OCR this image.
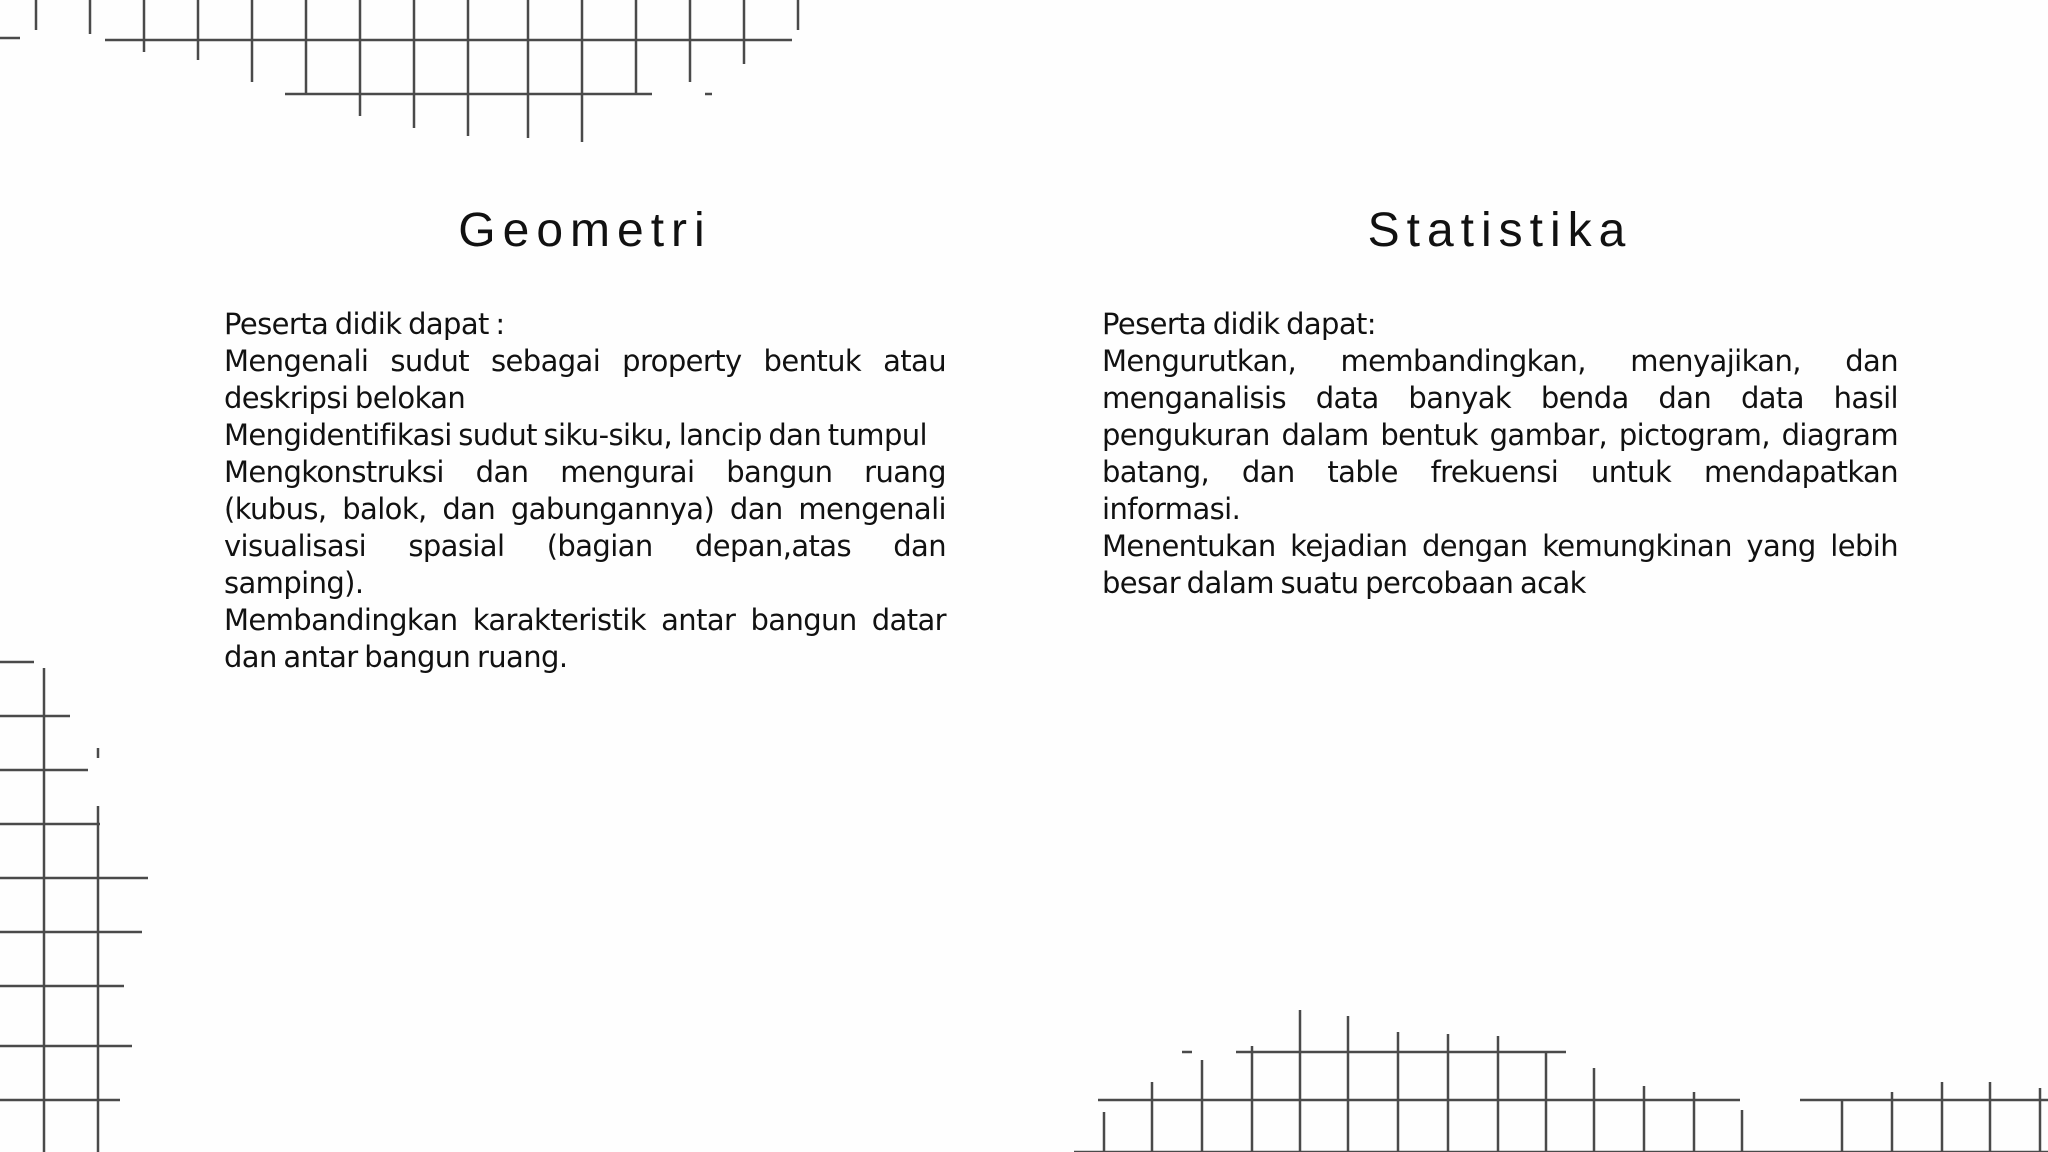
Geometri

Peserta didik dapat :

Mengenali sudut sebagai property bentuk atau deskripsi belokan

Mengidentifikasi sudut siku-siku, lancip dan tumpul

Mengkonstruksi dan mengurai bangun ruang (kubus, balok, dan gabungannya) dan mengenali visualisasi spasial (bagian depan,atas dan samping).

Membandingkan karakteristik antar bangun datar dan antar bangun ruang.

Statistika

Peserta didik dapat:

Mengurutkan, membandingkan, menyajikan, dan menganalisis data banyak benda dan data hasil pengukuran dalam bentuk gambar, pictogram, diagram batang, dan table frekuensi untuk mendapatkan informasi.

Menentukan kejadian dengan kemungkinan yang lebih besar dalam suatu percobaan acak
